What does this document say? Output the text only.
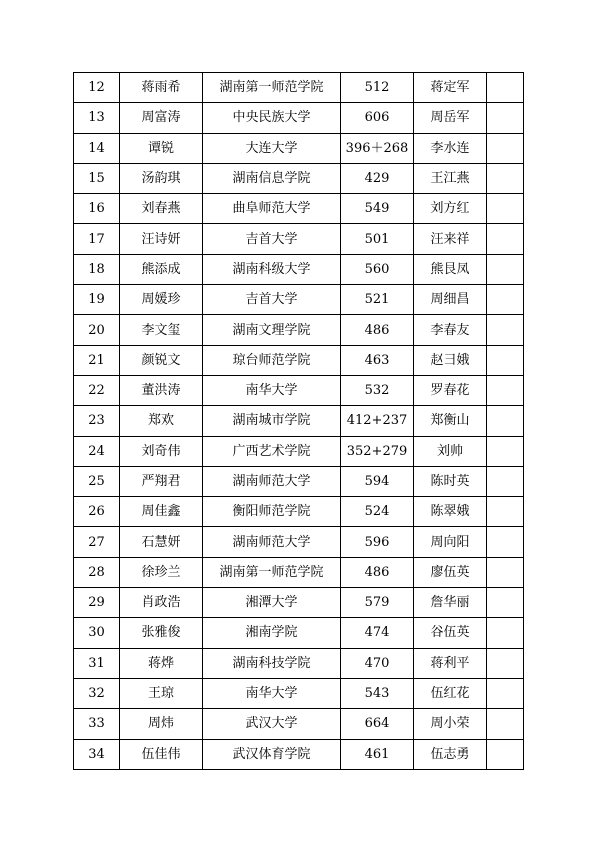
12	蒋雨希	湖南第一师范学院	512	蒋定军	
13	周富涛	中央民族大学	606	周岳军	
14	谭锐	大连大学	396＋268	李水连	
15	汤韵琪	湖南信息学院	429	王江燕	
16	刘春燕	曲阜师范大学	549	刘方红	
17	汪诗妍	吉首大学	501	汪来祥	
18	熊添成	湖南科级大学	560	熊艮凤	
19	周媛珍	吉首大学	521	周细昌	
20	李文玺	湖南文理学院	486	李春友	
21	颜锐文	琼台师范学院	463	赵彐娥	
22	董洪涛	南华大学	532	罗春花	
23	郑欢	湖南城市学院	412+237	郑衡山	
24	刘奇伟	广西艺术学院	352+279	刘帅	
25	严翔君	湖南师范大学	594	陈时英	
26	周佳鑫	衡阳师范学院	524	陈翠娥	
27	石慧妍	湖南师范大学	596	周向阳	
28	徐珍兰	湖南第一师范学院	486	廖伍英	
29	肖政浩	湘潭大学	579	詹华丽	
30	张雅俊	湘南学院	474	谷伍英	
31	蒋烨	湖南科技学院	470	蒋利平	
32	王琼	南华大学	543	伍红花	
33	周炜	武汉大学	664	周小荣	
34	伍佳伟	武汉体育学院	461	伍志勇	
